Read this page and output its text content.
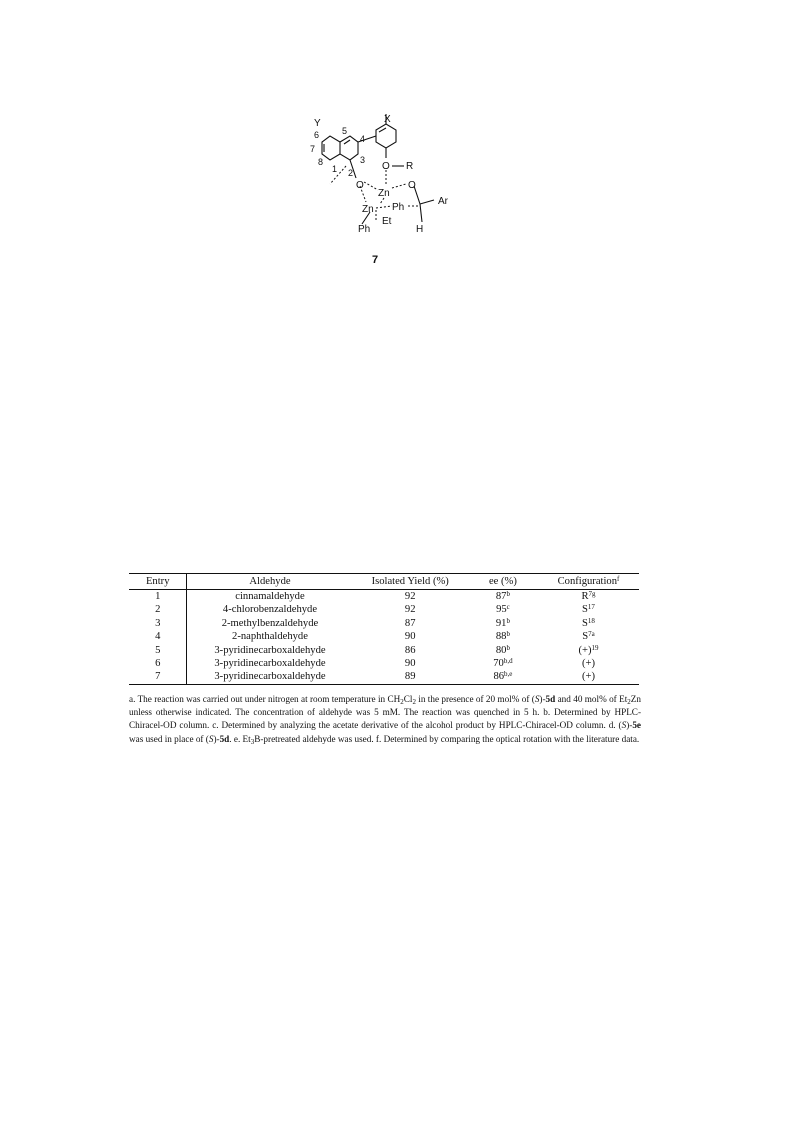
Y	X
5
6
7
8
4
3
2
1	O R
O
Zn
O
Zn Ph
Ar
Et
H
Ph
7
Entry	Aldehyde	Isolated Yield (%)	ee (%)	Configuration$^f$
1	cinnamaldehyde	92	87$^b$	$R^{7g}$
2	4-chlorobenzaldehyde	92	95$^c$	$S^{17}$
3	2-methylbenzaldehyde	87	91$^b$	$S^{18}$
4	2-naphthaldehyde	90	88$^b$	$S^{7a}$
5	3-pyridinecarboxaldehyde	86	80$^b$	$(+)^{19}$
6	3-pyridinecarboxaldehyde	90	70$^{b,d}$	(+)
7	3-pyridinecarboxaldehyde	89	86$^{b,e}$	(+)
a. The reaction was carried out under nitrogen at room temperature in $CH_2Cl_2$ in the presence of 20 mol% of (S)-5d and 40 mol% of $Et_2Zn$ unless otherwise indicated. The concentration of aldehyde was 5 mM. The reaction was quenched in 5 h. b. Determined by HPLC-Chiracel-OD column. c. Determined by analyzing the acetate derivative of the alcohol product by HPLC-Chiracel-OD column. d. (S)-5e was used in place of (S)-5d. e. $Et_3B$-pretreated aldehyde was used. f. Determined by comparing the optical rotation with the literature data.
